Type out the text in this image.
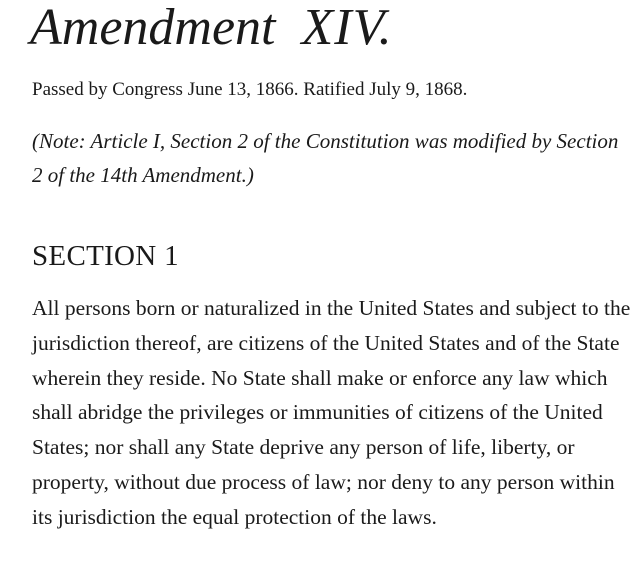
Amendment XIV.

Passed by Congress June 13, 1866. Ratified July 9, 1868.

(Note: Article I, Section 2 of the Constitution was modified by Section 2 of the 14th Amendment.)

SECTION 1

All persons born or naturalized in the United States and subject to the jurisdiction thereof, are citizens of the United States and of the State wherein they reside. No State shall make or enforce any law which shall abridge the privileges or immunities of citizens of the United States; nor shall any State deprive any person of life, liberty, or property, without due process of law; nor deny to any person within its jurisdiction the equal protection of the laws.
